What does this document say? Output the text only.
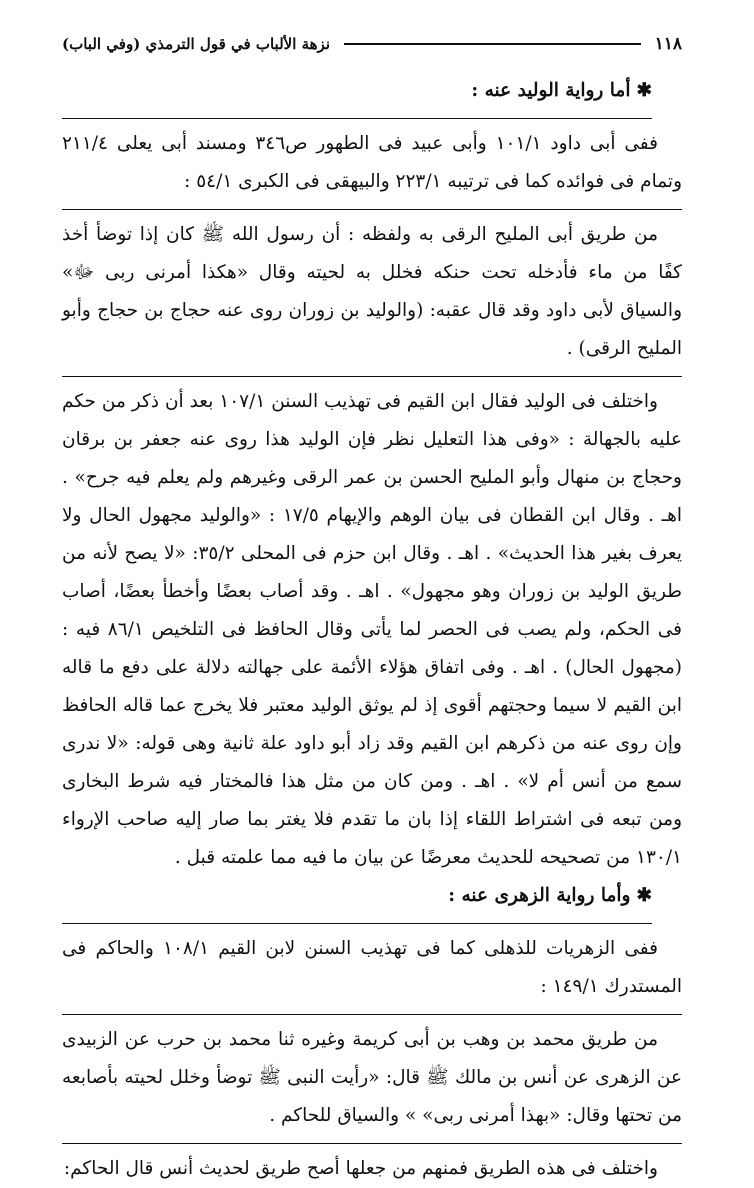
١١٨
نزهة الألباب في قول الترمذي (وفي الباب)

✱أما رواية الوليد عنه :

ففى أبى داود ١٠١/١ وأبى عبيد فى الطهور ص٣٤٦ ومسند أبى يعلى ٢١١/٤ وتمام فى فوائده كما فى ترتيبه ٢٢٣/١ والبيهقى فى الكبرى ٥٤/١ :

من طريق أبى المليح الرقى به ولفظه : أن رسول الله ﷺ كان إذا توضأ أخذ كفًا من ماء فأدخله تحت حنكه فخلل به لحيته وقال «هكذا أمرنى ربى ﷻ» والسياق لأبى داود وقد قال عقبه: (والوليد بن زوران روى عنه حجاج بن حجاج وأبو المليح الرقى) .

واختلف فى الوليد فقال ابن القيم فى تهذيب السنن ١٠٧/١ بعد أن ذكر من حكم عليه بالجهالة : «وفى هذا التعليل نظر فإن الوليد هذا روى عنه جعفر بن برقان وحجاج بن منهال وأبو المليح الحسن بن عمر الرقى وغيرهم ولم يعلم فيه جرح» . اهـ . وقال ابن القطان فى بيان الوهم والإيهام ١٧/٥ : «والوليد مجهول الحال ولا يعرف بغير هذا الحديث» . اهـ . وقال ابن حزم فى المحلى ٣٥/٢: «لا يصح لأنه من طريق الوليد بن زوران وهو مجهول» . اهـ . وقد أصاب بعضًا وأخطأ بعضًا، أصاب فى الحكم، ولم يصب فى الحصر لما يأتى وقال الحافظ فى التلخيص ٨٦/١ فيه : (مجهول الحال) . اهـ . وفى اتفاق هؤلاء الأئمة على جهالته دلالة على دفع ما قاله ابن القيم لا سيما وحجتهم أقوى إذ لم يوثق الوليد معتبر فلا يخرج عما قاله الحافظ وإن روى عنه من ذكرهم ابن القيم وقد زاد أبو داود علة ثانية وهى قوله: «لا ندرى سمع من أنس أم لا» . اهـ . ومن كان من مثل هذا فالمختار فيه شرط البخارى ومن تبعه فى اشتراط اللقاء إذا بان ما تقدم فلا يغتر بما صار إليه صاحب الإرواء ١٣٠/١ من تصحيحه للحديث معرضًا عن بيان ما فيه مما علمته قبل .

✱وأما رواية الزهرى عنه :

ففى الزهريات للذهلى كما فى تهذيب السنن لابن القيم ١٠٨/١ والحاكم فى المستدرك ١٤٩/١ :

من طريق محمد بن وهب بن أبى كريمة وغيره ثنا محمد بن حرب عن الزبيدى عن الزهرى عن أنس بن مالك ﷺ قال: «رأيت النبى ﷺ توضأ وخلل لحيته بأصابعه من تحتها وقال: «بهذا أمرنى ربى» » والسياق للحاكم .

واختلف فى هذه الطريق فمنهم من جعلها أصح طريق لحديث أنس قال الحاكم:
